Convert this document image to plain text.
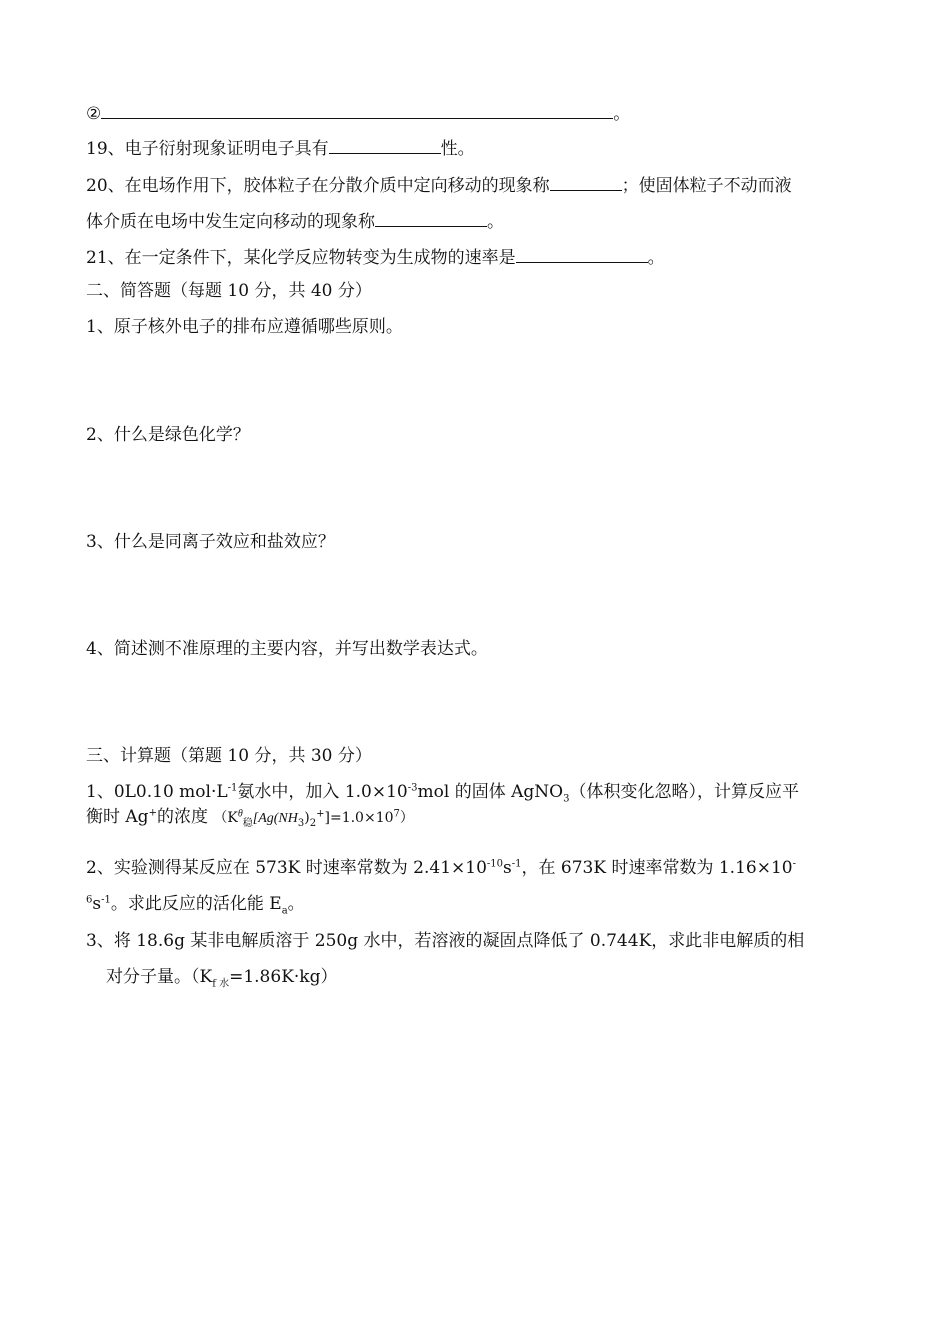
②	。
19、电子衍射现象证明电子具有	性。
20、在电场作用下，胶体粒子在分散介质中定向移动的现象称	；使固体粒子不动而液
体介质在电场中发生定向移动的现象称	。
21、在一定条件下，某化学反应物转变为生成物的速率是	。
二、简答题（每题 10 分，共 40 分）
1、原子核外电子的排布应遵循哪些原则。
2、什么是绿色化学？
3、什么是同离子效应和盐效应？
4、简述测不准原理的主要内容，并写出数学表达式。
三、计算题（第题 10 分，共 30 分）
1、0L0.10 $mol\cdot L^{-1}$氨水中，加入 $1.0\times 10^{-3}mol$ 的固体 AgNO$_3$（体积变化忽略），计算反应平
衡时 Ag+的浓度 $(K^\theta_稳[Ag(NH_3)_2^+]=1.0\times 10^7)$
2、实验测得某反应在 573K 时速率常数为 $2.41\times 10^{-10}s^{-1}$，在 673K 时速率常数为 1.16×10-
$^6s^{-1}$。求此反应的活化能 $E_a$。
3、将 18.6g 某非电解质溶于 250g 水中，若溶液的凝固点降低了 0.744K，求此非电解质的相
对分子量。$(K_{f 水}=1.86K\cdot kg)$
